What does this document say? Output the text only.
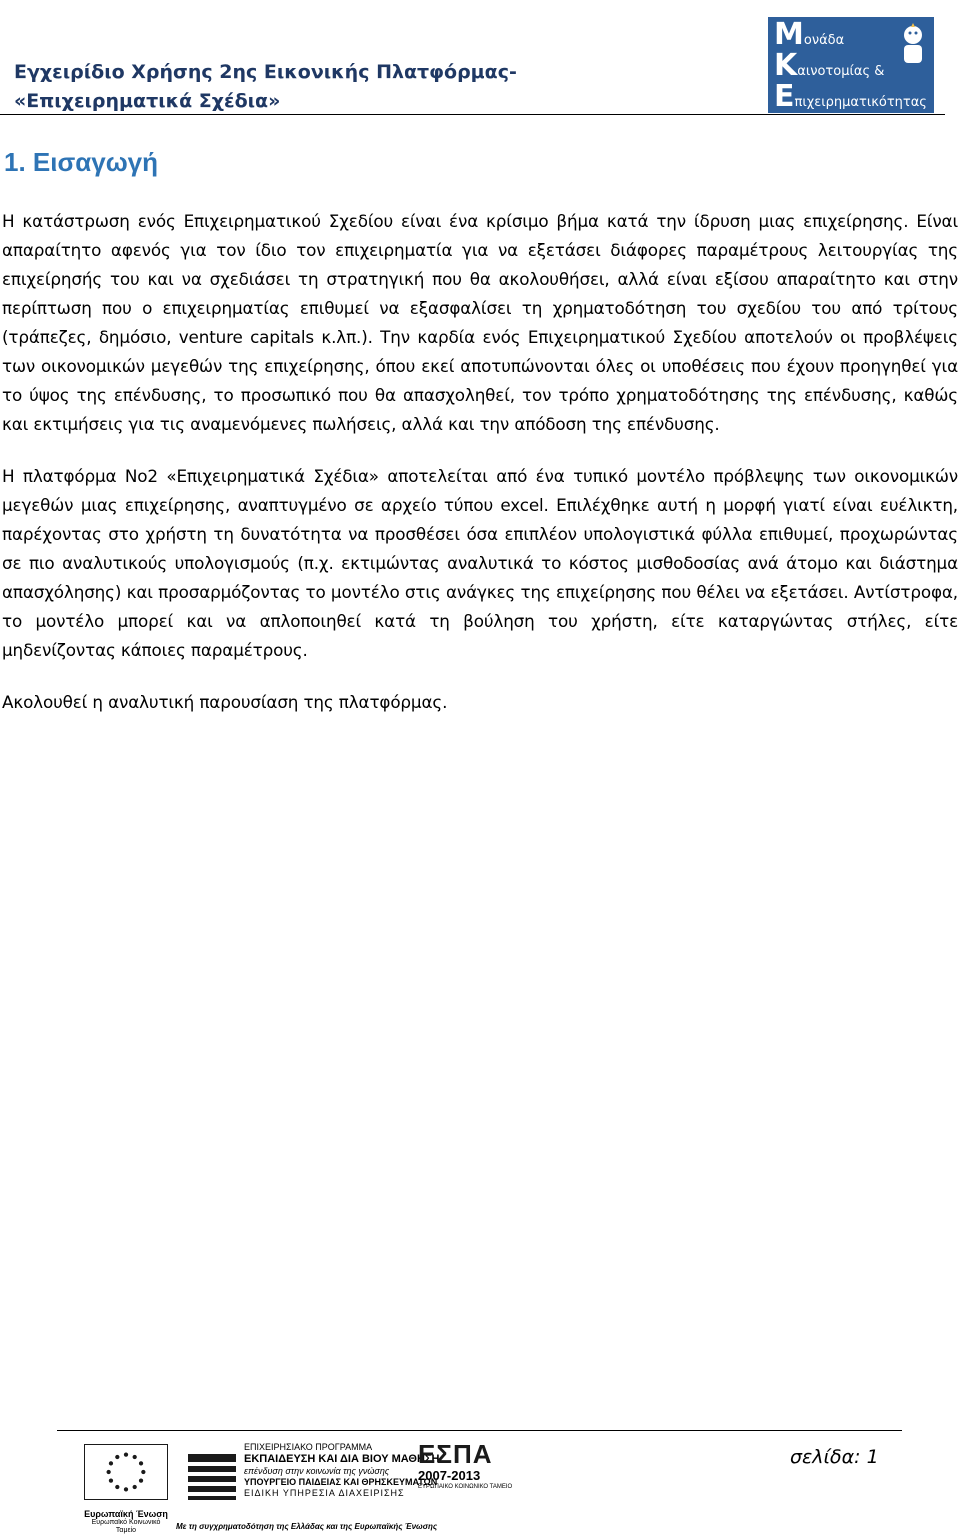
Εγχειρίδιο Χρήσης 2ης Εικονικής Πλατφόρμας-
«Επιχειρηματικά Σχέδια»
Μονάδα
Καινοτομίας &
Επιχειρηματικότητας
1. Εισαγωγή

Η κατάστρωση ενός Επιχειρηματικού Σχεδίου είναι ένα κρίσιμο βήμα κατά την ίδρυση μιας επιχείρησης. Είναι απαραίτητο αφενός για τον ίδιο τον επιχειρηματία για να εξετάσει διάφορες παραμέτρους λειτουργίας της επιχείρησής του και να σχεδιάσει τη στρατηγική που θα ακολουθήσει, αλλά είναι εξίσου απαραίτητο και στην περίπτωση που ο επιχειρηματίας επιθυμεί να εξασφαλίσει τη χρηματοδότηση του σχεδίου του από τρίτους (τράπεζες, δημόσιο, venture capitals κ.λπ.). Την καρδία ενός Επιχειρηματικού Σχεδίου αποτελούν οι προβλέψεις των οικονομικών μεγεθών της επιχείρησης, όπου εκεί αποτυπώνονται όλες οι υποθέσεις που έχουν προηγηθεί για το ύψος της επένδυσης, το προσωπικό που θα απασχοληθεί, τον τρόπο χρηματοδότησης της επένδυσης, καθώς και εκτιμήσεις για τις αναμενόμενες πωλήσεις, αλλά και την απόδοση της επένδυσης.

Η πλατφόρμα Νο2 «Επιχειρηματικά Σχέδια» αποτελείται από ένα τυπικό μοντέλο πρόβλεψης των οικονομικών μεγεθών μιας επιχείρησης, αναπτυγμένο σε αρχείο τύπου excel. Επιλέχθηκε αυτή η μορφή γιατί είναι ευέλικτη, παρέχοντας στο χρήστη τη δυνατότητα να προσθέσει όσα επιπλέον υπολογιστικά φύλλα επιθυμεί, προχωρώντας σε πιο αναλυτικούς υπολογισμούς (π.χ. εκτιμώντας αναλυτικά το κόστος μισθοδοσίας ανά άτομο και διάστημα απασχόλησης) και προσαρμόζοντας το μοντέλο στις ανάγκες της επιχείρησης που θέλει να εξετάσει. Αντίστροφα, το μοντέλο μπορεί και να απλοποιηθεί κατά τη βούληση του χρήστη, είτε καταργώντας στήλες, είτε μηδενίζοντας κάποιες παραμέτρους.

Ακολουθεί η αναλυτική παρουσίαση της πλατφόρμας.

Ευρωπαϊκή Ένωση
Ευρωπαϊκό Κοινωνικό Ταμείο
ΕΠΙΧΕΙΡΗΣΙΑΚΟ ΠΡΟΓΡΑΜΜΑ
ΕΚΠΑΙΔΕΥΣΗ ΚΑΙ ΔΙΑ ΒΙΟΥ ΜΑΘΗΣΗ
επένδυση στην κοινωνία της γνώσης
ΥΠΟΥΡΓΕΙΟ ΠΑΙΔΕΙΑΣ ΚΑΙ ΘΡΗΣΚΕΥΜΑΤΩΝ
ΕΙΔΙΚΗ ΥΠΗΡΕΣΙΑ ΔΙΑΧΕΙΡΙΣΗΣ
ΕΣΠΑ
2007-2013
ΕΥΡΩΠΑΙΚΟ ΚΟΙΝΩΝΙΚΟ ΤΑΜΕΙΟ
Με τη συγχρηματοδότηση της Ελλάδας και της Ευρωπαϊκής Ένωσης
σελίδα: 1
